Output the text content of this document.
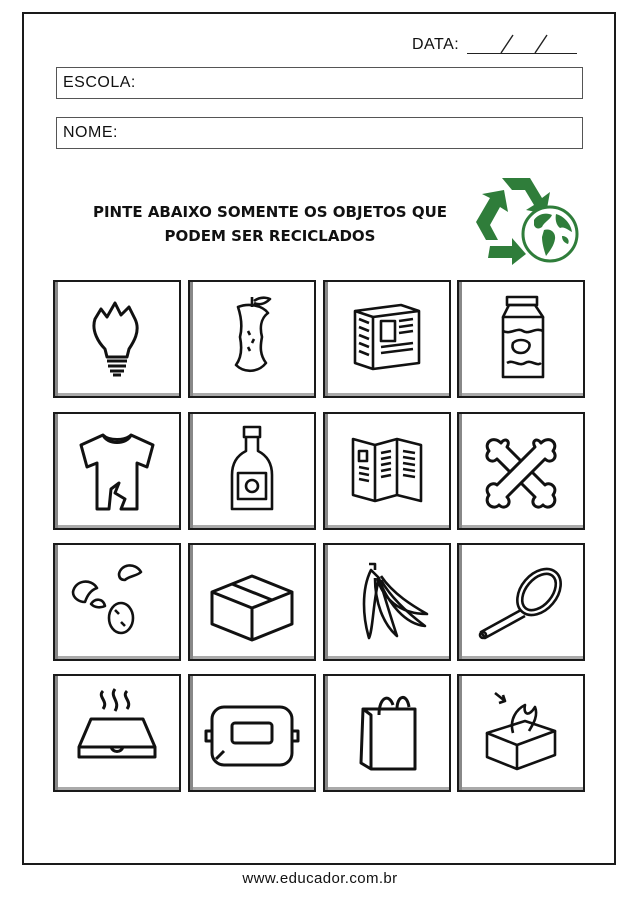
DATA:
ESCOLA:
NOME:
PINTE ABAIXO SOMENTE OS OBJETOS QUE
PODEM SER RECICLADOS
www.educador.com.br
